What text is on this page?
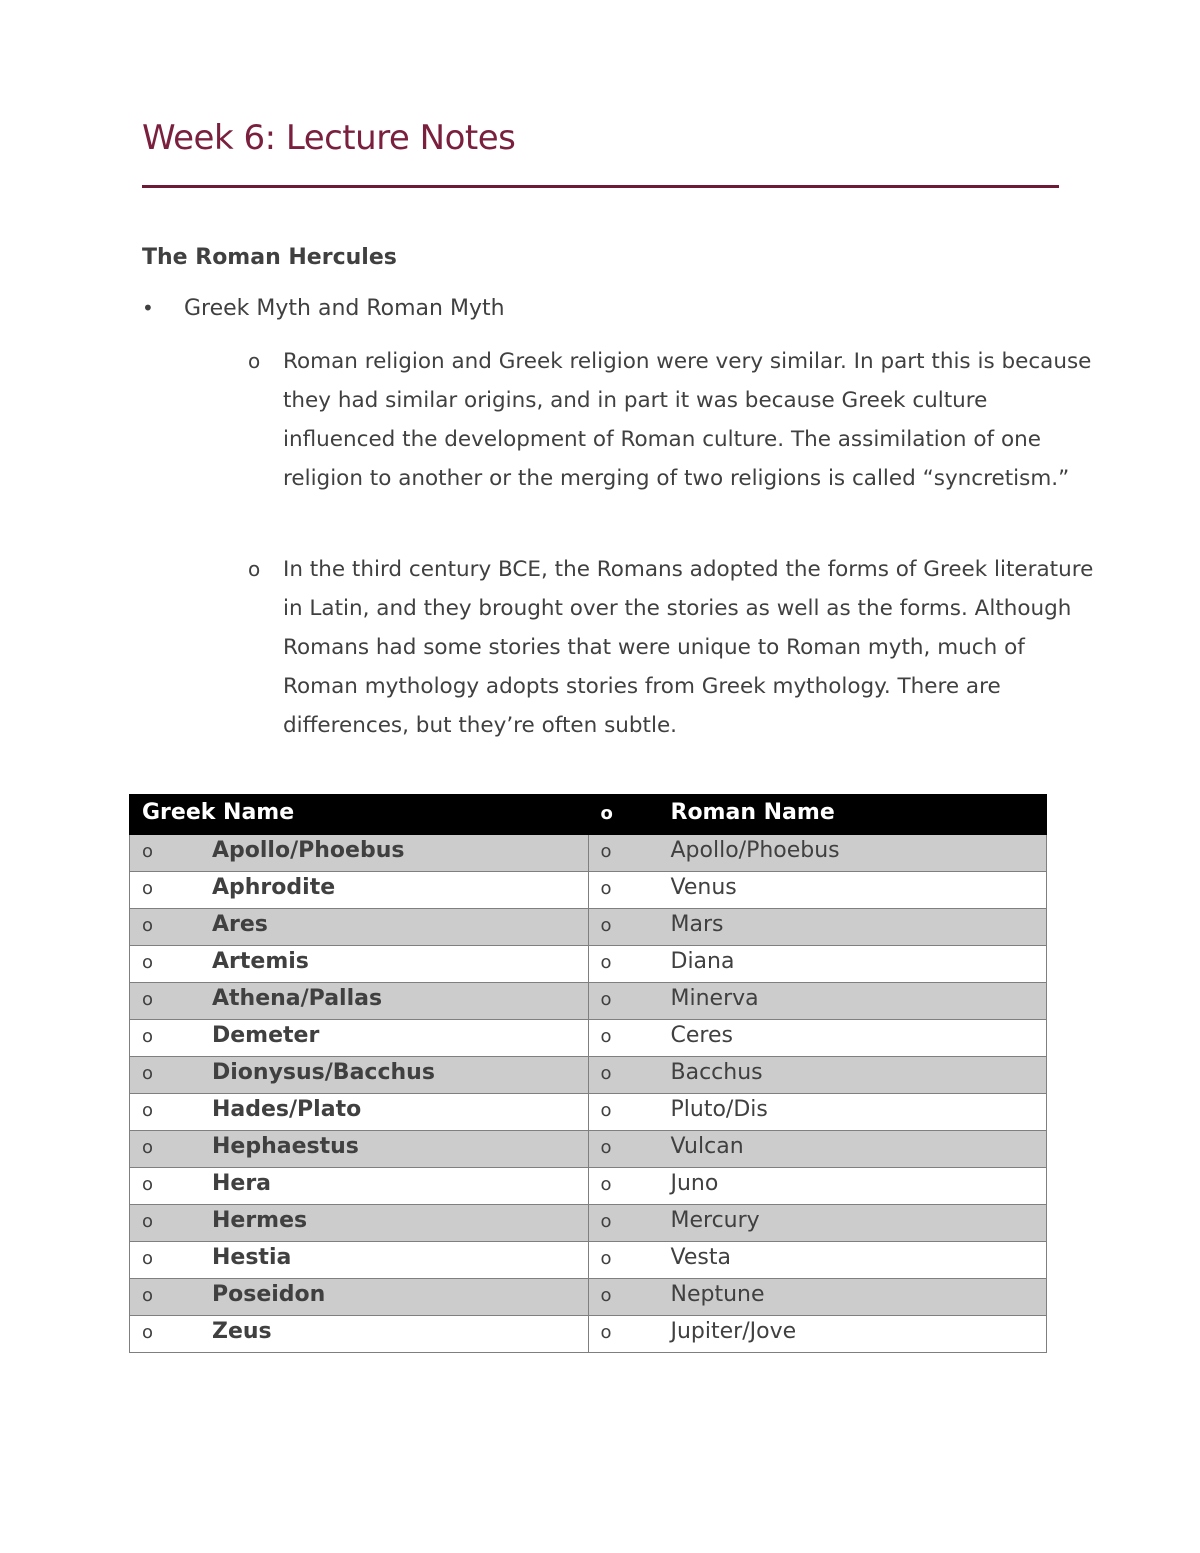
Week 6: Lecture Notes
The Roman Hercules
• Greek Myth and Roman Myth
o Roman religion and Greek religion were very similar. In part this is because they had similar origins, and in part it was because Greek culture influenced the development of Roman culture. The assimilation of one religion to another or the merging of two religions is called “syncretism.”
o In the third century BCE, the Romans adopted the forms of Greek literature in Latin, and they brought over the stories as well as the forms. Although Romans had some stories that were unique to Roman myth, much of Roman mythology adopts stories from Greek mythology. There are differences, but they’re often subtle.
Greek Name	o Roman Name

o Apollo/Phoebus	o Apollo/Phoebus

o Aphrodite	o Venus

o Ares	o Mars

o Artemis	o Diana

o Athena/Pallas	o Minerva

o Demeter	o Ceres

o Dionysus/Bacchus	o Bacchus

o Hades/Plato	o Pluto/Dis

o Hephaestus	o Vulcan

o Hera	o Juno

o Hermes	o Mercury

o Hestia	o Vesta

o Poseidon	o Neptune

o Zeus	o Jupiter/Jove
